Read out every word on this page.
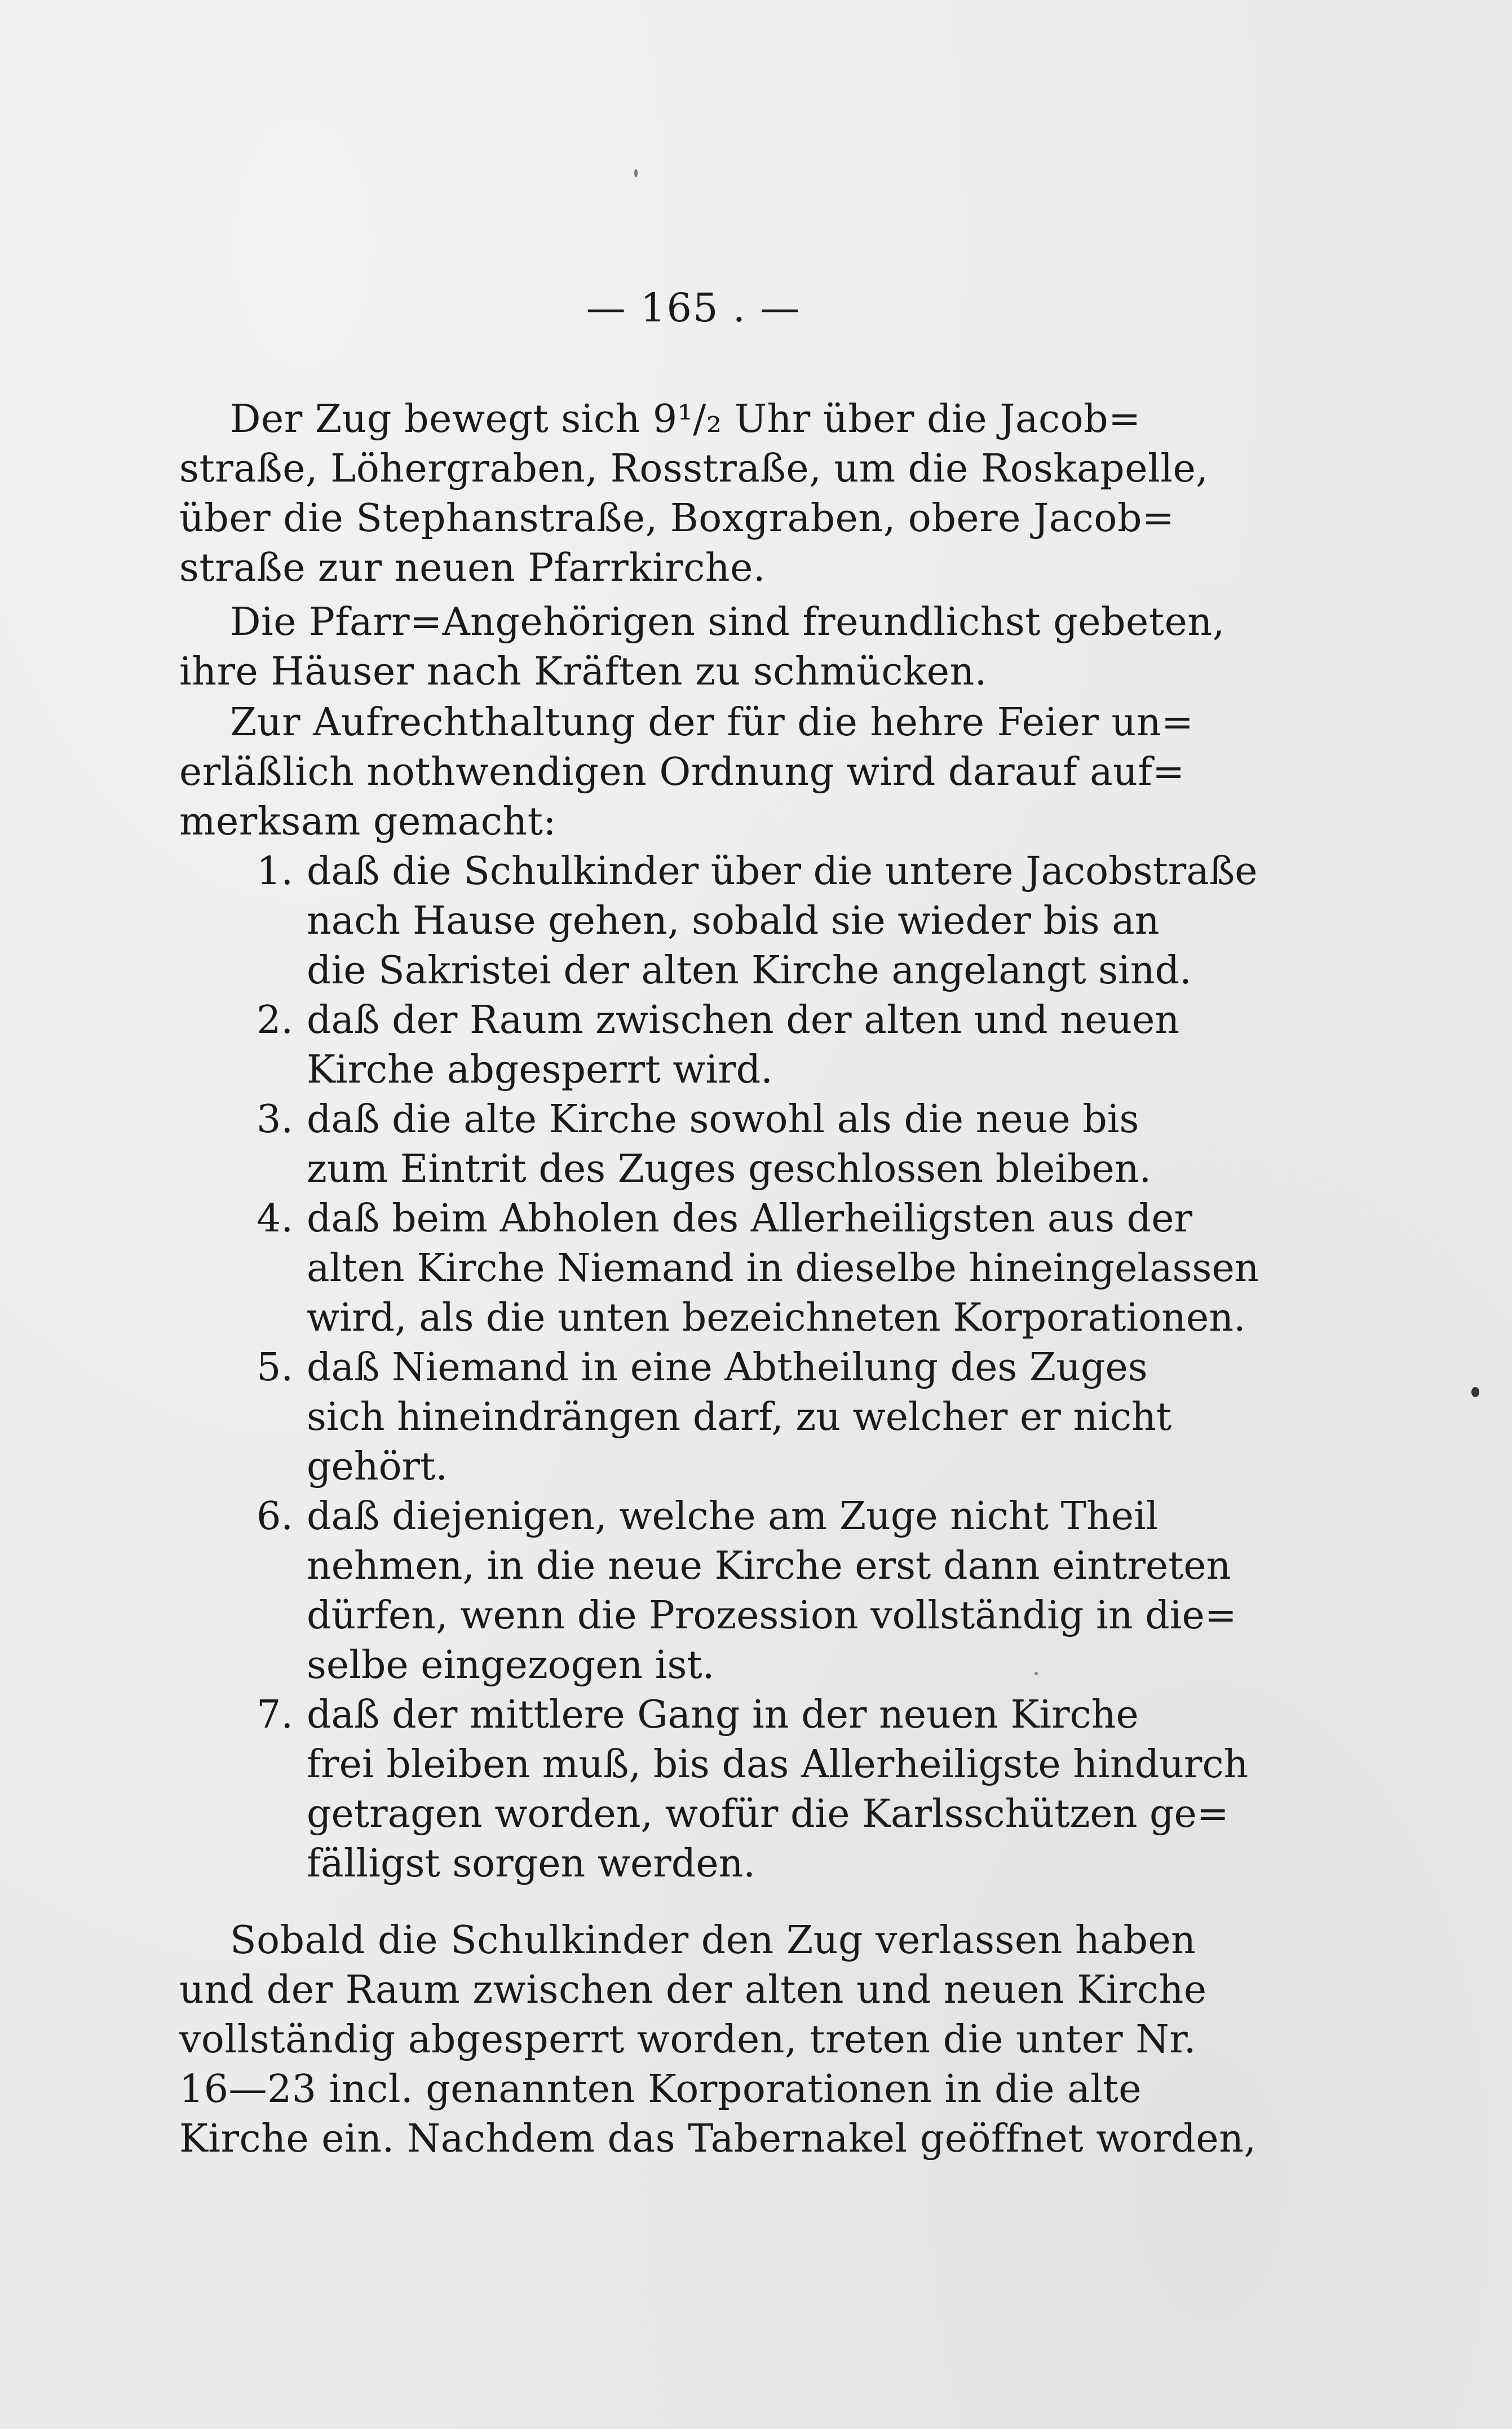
— 165 . —
Der Zug bewegt sich 9¹/₂ Uhr über die Jacob=
straße, Löhergraben, Rosstraße, um die Roskapelle,
über die Stephanstraße, Boxgraben, obere Jacob=
straße zur neuen Pfarrkirche.
Die Pfarr=Angehörigen sind freundlichst gebeten,
ihre Häuser nach Kräften zu schmücken.
Zur Aufrechthaltung der für die hehre Feier un=
erläßlich nothwendigen Ordnung wird darauf auf=
merksam gemacht:
1. daß die Schulkinder über die untere Jacobstraße
nach Hause gehen, sobald sie wieder bis an
die Sakristei der alten Kirche angelangt sind.
2. daß der Raum zwischen der alten und neuen
Kirche abgesperrt wird.
3. daß die alte Kirche sowohl als die neue bis
zum Eintrit des Zuges geschlossen bleiben.
4. daß beim Abholen des Allerheiligsten aus der
alten Kirche Niemand in dieselbe hineingelassen
wird, als die unten bezeichneten Korporationen.
5. daß Niemand in eine Abtheilung des Zuges
sich hineindrängen darf, zu welcher er nicht
gehört.
6. daß diejenigen, welche am Zuge nicht Theil
nehmen, in die neue Kirche erst dann eintreten
dürfen, wenn die Prozession vollständig in die=
selbe eingezogen ist.
7. daß der mittlere Gang in der neuen Kirche
frei bleiben muß, bis das Allerheiligste hindurch
getragen worden, wofür die Karlsschützen ge=
fälligst sorgen werden.
Sobald die Schulkinder den Zug verlassen haben
und der Raum zwischen der alten und neuen Kirche
vollständig abgesperrt worden, treten die unter Nr.
16—23 incl. genannten Korporationen in die alte
Kirche ein. Nachdem das Tabernakel geöffnet worden,
